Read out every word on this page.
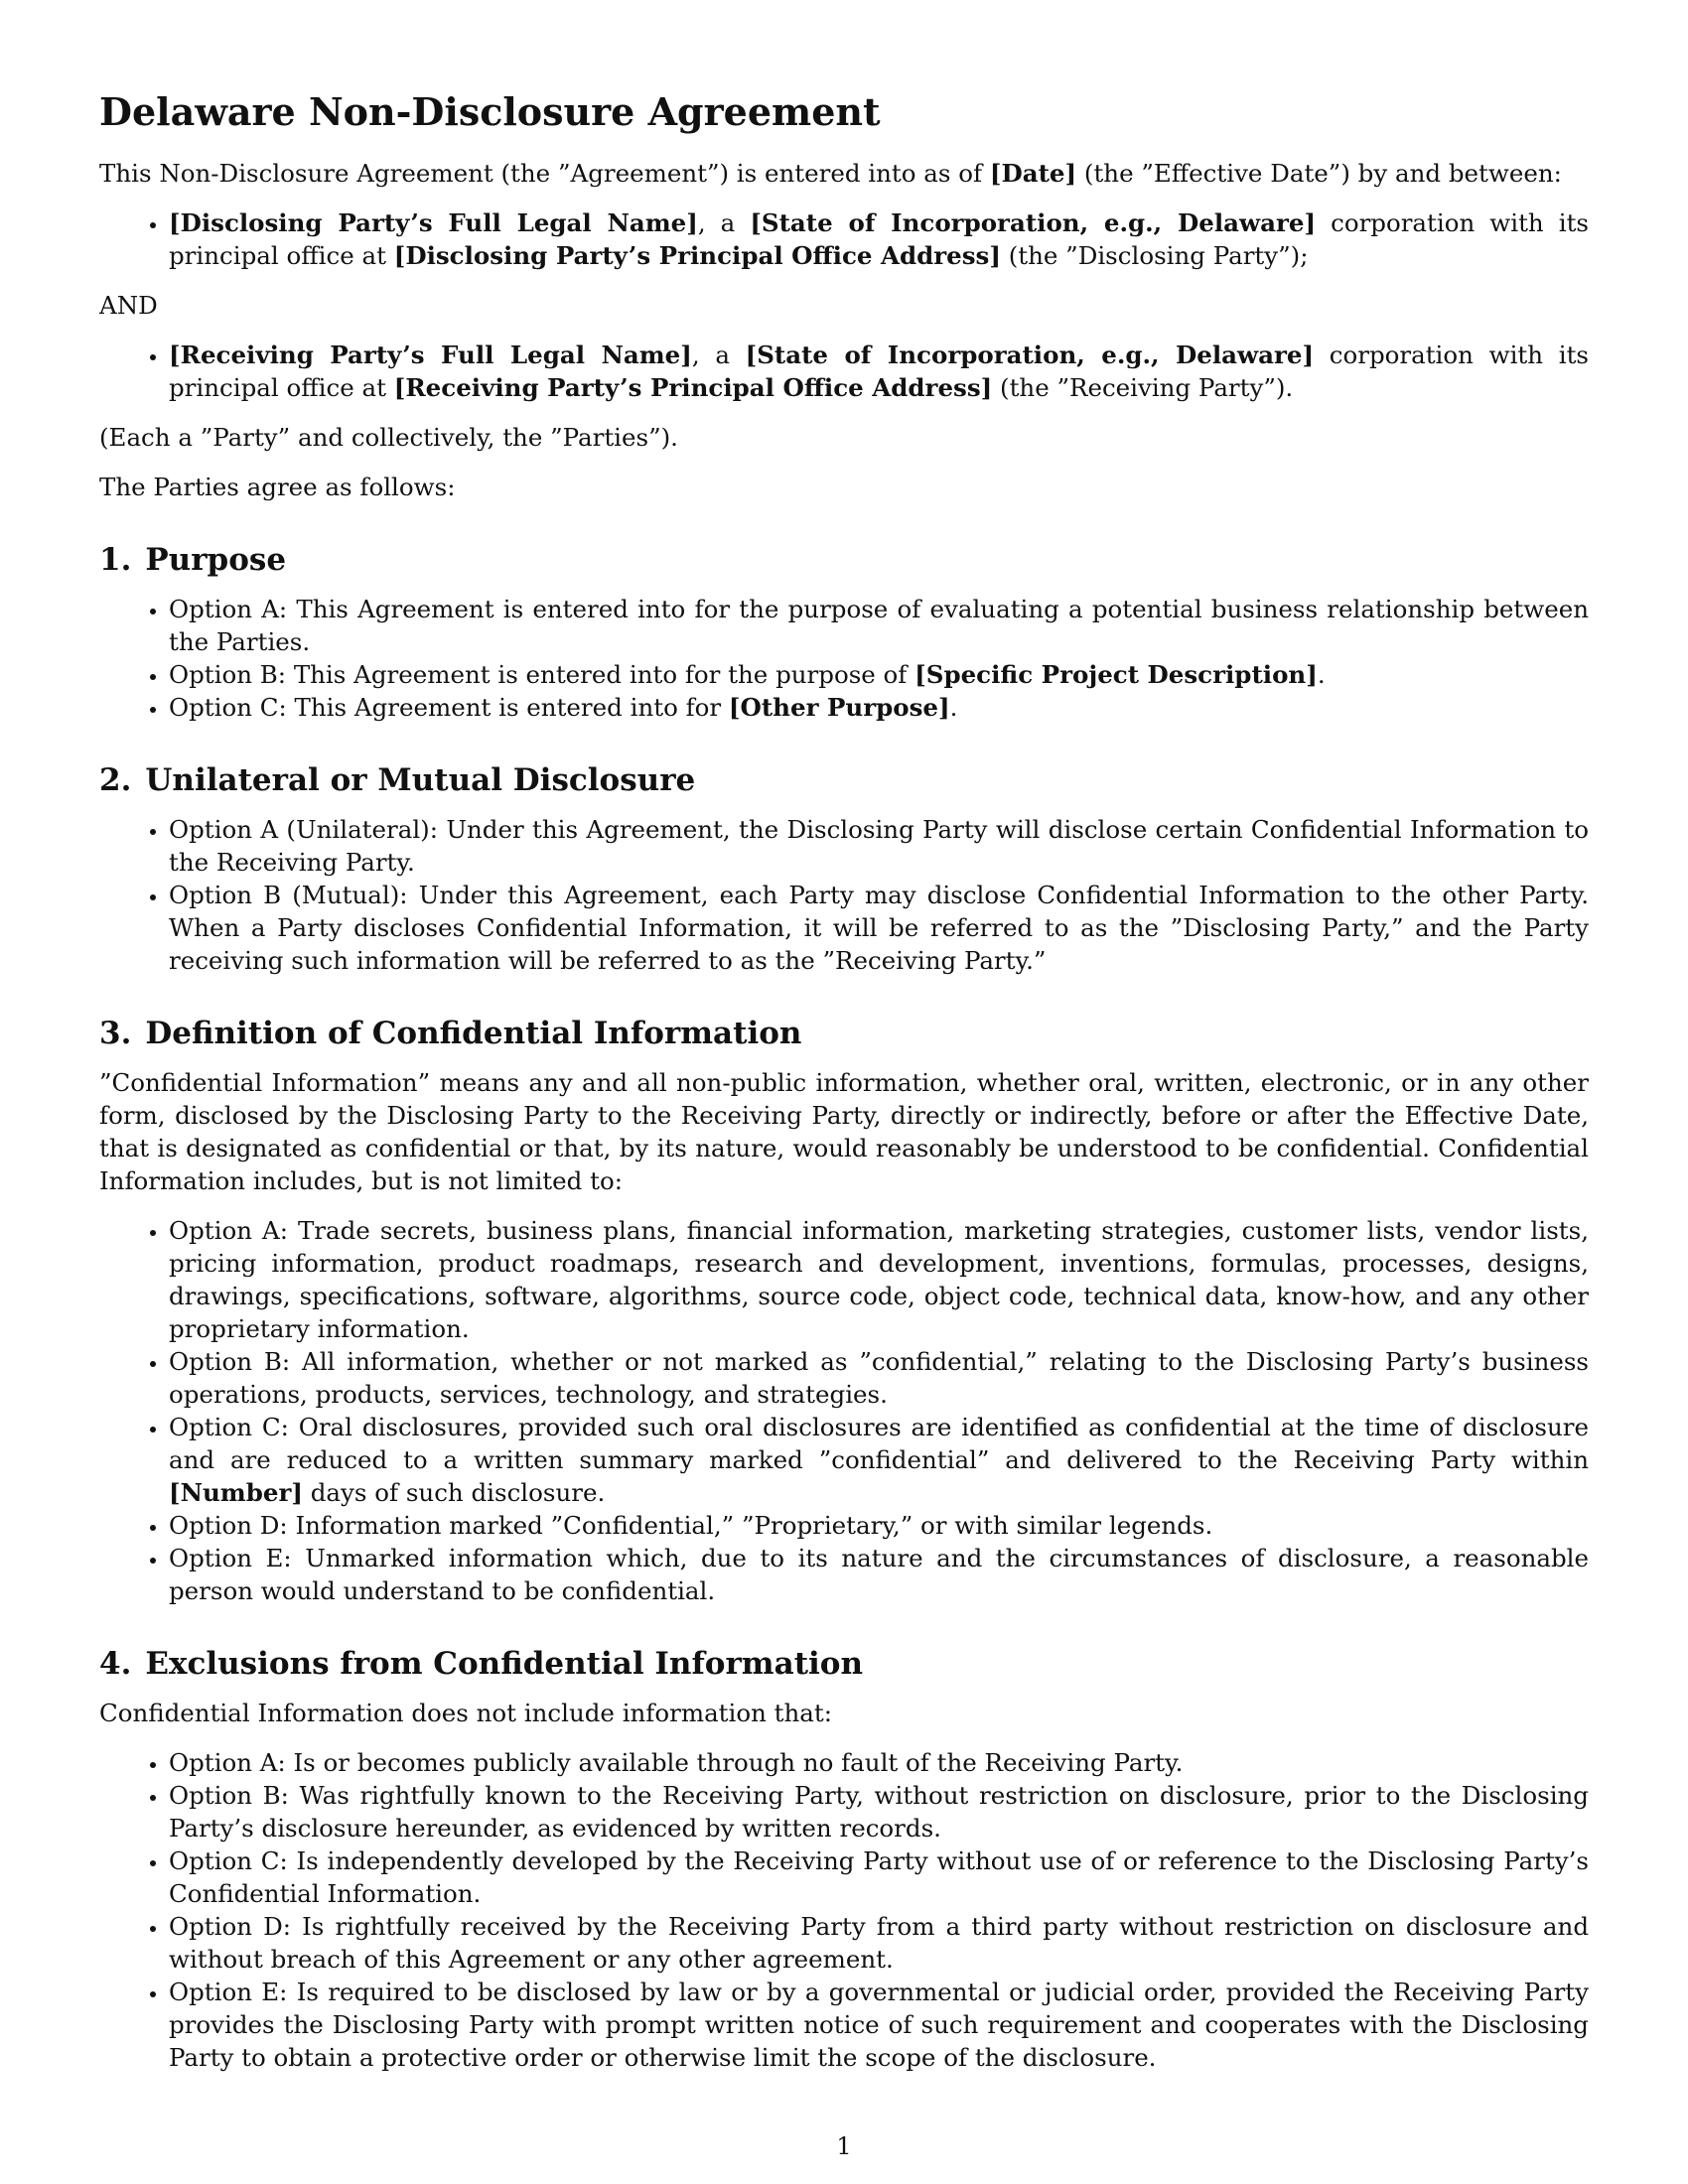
Delaware Non-Disclosure Agreement

This Non-Disclosure Agreement (the ”Agreement”) is entered into as of [Date] (the ”Effective Date”) by and between:

• [Disclosing Party’s Full Legal Name], a [State of Incorporation, e.g., Delaware] corporation with its principal office at [Disclosing Party’s Principal Office Address] (the ”Disclosing Party”);

AND

• [Receiving Party’s Full Legal Name], a [State of Incorporation, e.g., Delaware] corporation with its principal office at [Receiving Party’s Principal Office Address] (the ”Receiving Party”).

(Each a ”Party” and collectively, the ”Parties”).

The Parties agree as follows:

1. Purpose
• Option A: This Agreement is entered into for the purpose of evaluating a potential business relationship between the Parties.
• Option B: This Agreement is entered into for the purpose of [Specific Project Description].
• Option C: This Agreement is entered into for [Other Purpose].
2. Unilateral or Mutual Disclosure
• Option A (Unilateral): Under this Agreement, the Disclosing Party will disclose certain Confidential Information to the Receiving Party.
• Option B (Mutual): Under this Agreement, each Party may disclose Confidential Information to the other Party. When a Party discloses Confidential Information, it will be referred to as the ”Disclosing Party,” and the Party receiving such information will be referred to as the ”Receiving Party.”
3. Definition of Confidential Information

”Confidential Information” means any and all non-public information, whether oral, written, electronic, or in any other form, disclosed by the Disclosing Party to the Receiving Party, directly or indirectly, before or after the Effective Date, that is designated as confidential or that, by its nature, would reasonably be understood to be confidential. Confidential Information includes, but is not limited to:

• Option A: Trade secrets, business plans, financial information, marketing strategies, customer lists, vendor lists, pricing information, product roadmaps, research and development, inventions, formulas, processes, designs, drawings, specifications, software, algorithms, source code, object code, technical data, know-how, and any other proprietary information.
• Option B: All information, whether or not marked as ”confidential,” relating to the Disclosing Party’s business operations, products, services, technology, and strategies.
• Option C: Oral disclosures, provided such oral disclosures are identified as confidential at the time of disclosure and are reduced to a written summary marked ”confidential” and delivered to the Receiving Party within [Number] days of such disclosure.
• Option D: Information marked ”Confidential,” ”Proprietary,” or with similar legends.
• Option E: Unmarked information which, due to its nature and the circumstances of disclosure, a reasonable person would understand to be confidential.
4. Exclusions from Confidential Information

Confidential Information does not include information that:

• Option A: Is or becomes publicly available through no fault of the Receiving Party.
• Option B: Was rightfully known to the Receiving Party, without restriction on disclosure, prior to the Disclosing Party’s disclosure hereunder, as evidenced by written records.
• Option C: Is independently developed by the Receiving Party without use of or reference to the Disclosing Party’s Confidential Information.
• Option D: Is rightfully received by the Receiving Party from a third party without restriction on disclosure and without breach of this Agreement or any other agreement.
• Option E: Is required to be disclosed by law or by a governmental or judicial order, provided the Receiving Party provides the Disclosing Party with prompt written notice of such requirement and cooperates with the Disclosing Party to obtain a protective order or otherwise limit the scope of the disclosure.
1
